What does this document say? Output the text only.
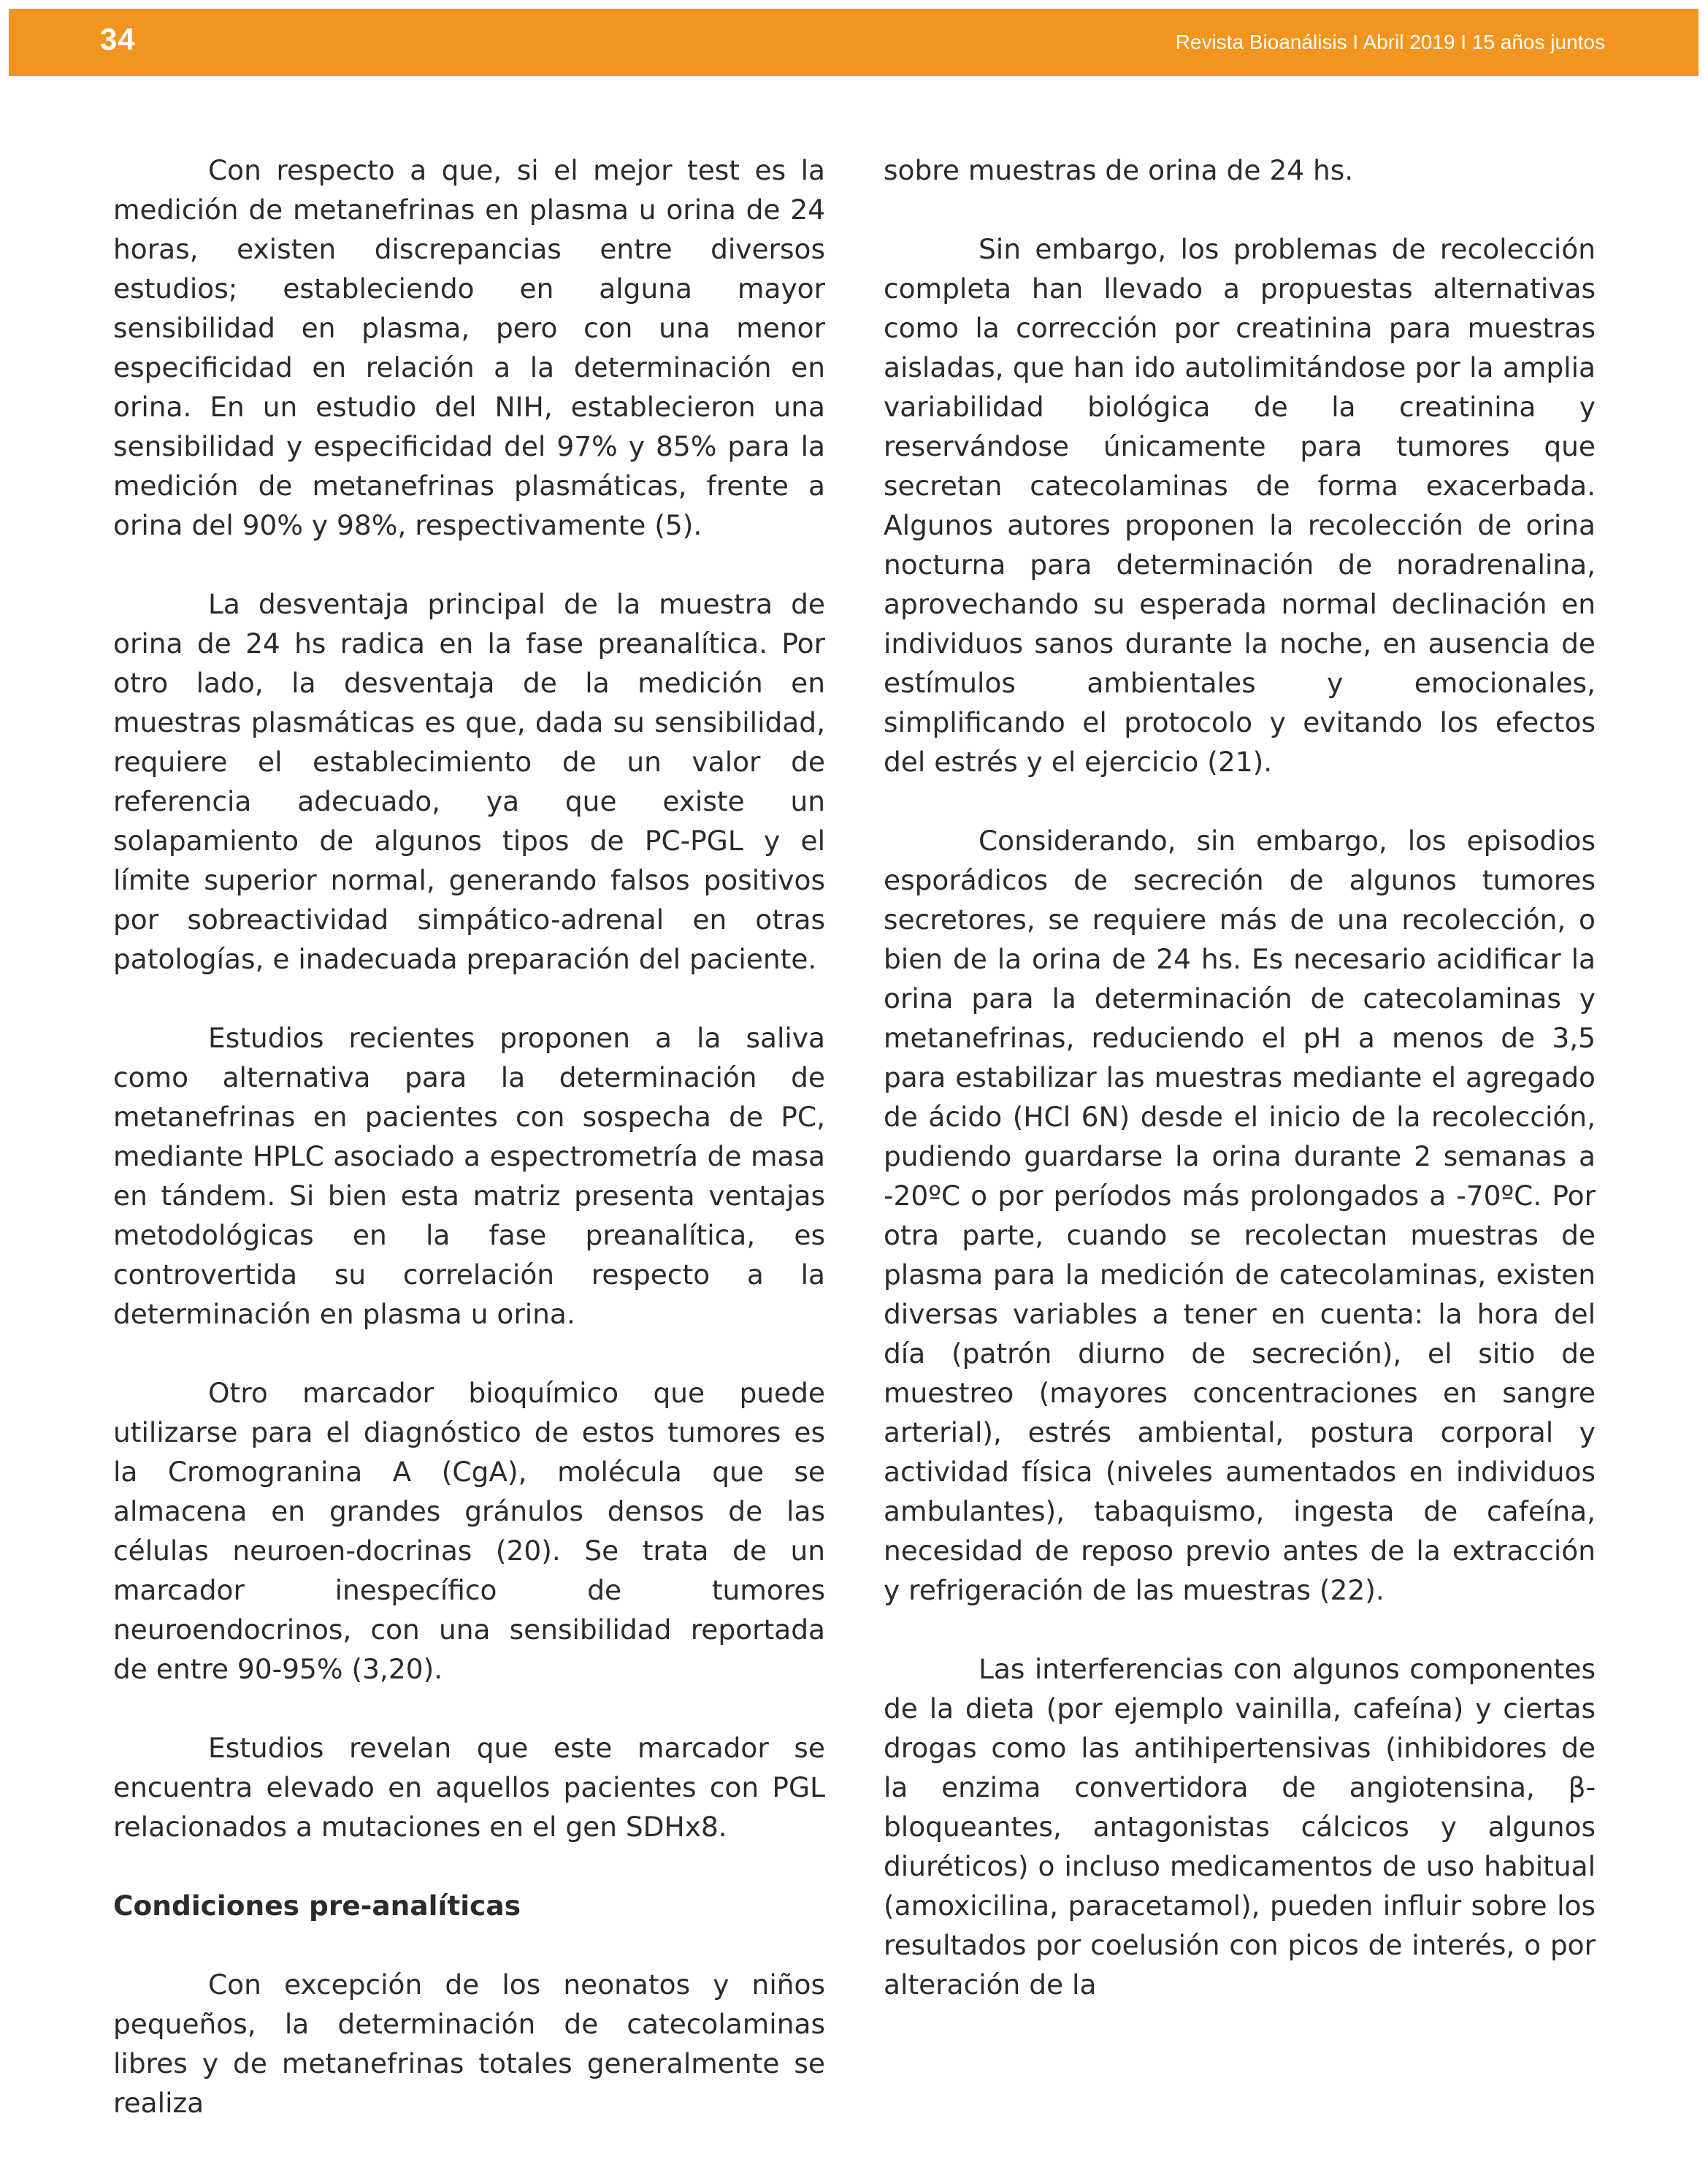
34	Revista Bioanálisis I Abril 2019 I 15 años juntos

Con respecto a que, si el mejor test es la medición de metanefrinas en plasma u orina de 24 horas, existen discrepancias entre diversos estudios; estableciendo en alguna mayor sensibilidad en plasma, pero con una menor especificidad en relación a la determinación en orina. En un estudio del NIH, establecieron una sensibilidad y especificidad del 97% y 85% para la medición de metanefrinas plasmáticas, frente a orina del 90% y 98%, respectivamente (5).

La desventaja principal de la muestra de orina de 24 hs radica en la fase preanalítica. Por otro lado, la desventaja de la medición en muestras plasmáticas es que, dada su sensibilidad, requiere el establecimiento de un valor de referencia adecuado, ya que existe un solapamiento de algunos tipos de PC-PGL y el límite superior normal, generando falsos positivos por sobreactividad simpático-adrenal en otras patologías, e inadecuada preparación del paciente.

Estudios recientes proponen a la saliva como alternativa para la determinación de metanefrinas en pacientes con sospecha de PC, mediante HPLC asociado a espectrometría de masa en tándem. Si bien esta matriz presenta ventajas metodológicas en la fase preanalítica, es controvertida su correlación respecto a la determinación en plasma u orina.

Otro marcador bioquímico que puede utilizarse para el diagnóstico de estos tumores es la Cromogranina A (CgA), molécula que se almacena en grandes gránulos densos de las células neuroen-docrinas (20). Se trata de un marcador inespecífico de tumores neuroendocrinos, con una sensibilidad reportada de entre 90-95% (3,20).

Estudios revelan que este marcador se encuentra elevado en aquellos pacientes con PGL relacionados a mutaciones en el gen SDHx8.

Condiciones pre-analíticas

Con excepción de los neonatos y niños pequeños, la determinación de catecolaminas libres y de metanefrinas totales generalmente se realiza

sobre muestras de orina de 24 hs.

Sin embargo, los problemas de recolección completa han llevado a propuestas alternativas como la corrección por creatinina para muestras aisladas, que han ido autolimitándose por la amplia variabilidad biológica de la creatinina y reservándose únicamente para tumores que secretan catecolaminas de forma exacerbada. Algunos autores proponen la recolección de orina nocturna para determinación de noradrenalina, aprovechando su esperada normal declinación en individuos sanos durante la noche, en ausencia de estímulos ambientales y emocionales, simplificando el protocolo y evitando los efectos del estrés y el ejercicio (21).

Considerando, sin embargo, los episodios esporádicos de secreción de algunos tumores secretores, se requiere más de una recolección, o bien de la orina de 24 hs. Es necesario acidificar la orina para la determinación de catecolaminas y metanefrinas, reduciendo el pH a menos de 3,5 para estabilizar las muestras mediante el agregado de ácido (HCl 6N) desde el inicio de la recolección, pudiendo guardarse la orina durante 2 semanas a -20ºC o por períodos más prolongados a -70ºC. Por otra parte, cuando se recolectan muestras de plasma para la medición de catecolaminas, existen diversas variables a tener en cuenta: la hora del día (patrón diurno de secreción), el sitio de muestreo (mayores concentraciones en sangre arterial), estrés ambiental, postura corporal y actividad física (niveles aumentados en individuos ambulantes), tabaquismo, ingesta de cafeína, necesidad de reposo previo antes de la extracción y refrigeración de las muestras (22).

Las interferencias con algunos componentes de la dieta (por ejemplo vainilla, cafeína) y ciertas drogas como las antihipertensivas (inhibidores de la enzima convertidora de angiotensina, β-bloqueantes, antagonistas cálcicos y algunos diuréticos) o incluso medicamentos de uso habitual (amoxicilina, paracetamol), pueden influir sobre los resultados por coelusión con picos de interés, o por alteración de la
